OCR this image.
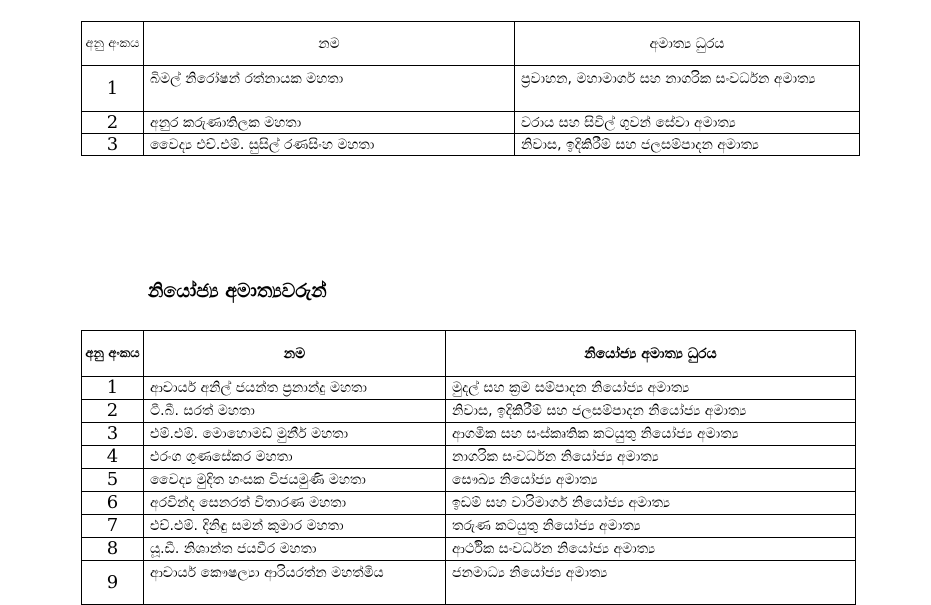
අනු අංකය	නම	අමාත්‍ය ධුරය
1	බිමල් නිරෝෂන් රත්නායක මහතා	ප්‍රවාහන, මහාමාර්ග සහ නාගරික සංවර්ධන අමාත්‍ය
2	අනුර කරුණාතිලක මහතා	වරාය සහ සිවිල් ගුවන් සේවා අමාත්‍ය
3	වෛද්‍ය එච්.එම්. සුසිල් රණසිංහ මහතා	නිවාස, ඉදිකිරීම් සහ ජලසම්පාදන අමාත්‍ය
නියෝජ්‍ය අමාත්‍යවරුන්
අනු අංකය	නම	නියෝජ්‍ය අමාත්‍ය ධුරය
1	ආචාර්ය අනිල් ජයන්ත ප්‍රනාන්දු මහතා	මුදල් සහ ක්‍රම සම්පාදන නියෝජ්‍ය අමාත්‍ය
2	ටී.බී. සරත් මහතා	නිවාස, ඉදිකිරීම් සහ ජලසම්පාදන නියෝජ්‍ය අමාත්‍ය
3	එම්.එම්. මොහොමඩ් මුනීර් මහතා	ආගමික සහ සංස්කෘතික කටයුතු නියෝජ්‍ය අමාත්‍ය
4	එරංග ගුණසේකර මහතා	නාගරික සංවර්ධන නියෝජ්‍ය අමාත්‍ය
5	වෛද්‍ය මුදිත හංසක විජයමුණි මහතා	සෞඛ්‍ය නියෝජ්‍ය අමාත්‍ය
6	අරවින්ද සෙනරත් විතාරණ මහතා	ඉඩම් සහ වාරිමාර්ග නියෝජ්‍ය අමාත්‍ය
7	එච්.එම්. දිනිඳු සමන් කුමාර මහතා	තරුණ කටයුතු නියෝජ්‍ය අමාත්‍ය
8	යූ.ඩී. නිශාන්ත ජයවීර මහතා	ආර්ථික සංවර්ධන නියෝජ්‍ය අමාත්‍ය
9	ආචාර්ය කෞෂල්‍යා ආරියරත්න මහත්මිය	ජනමාධ්‍ය නියෝජ්‍ය අමාත්‍ය
